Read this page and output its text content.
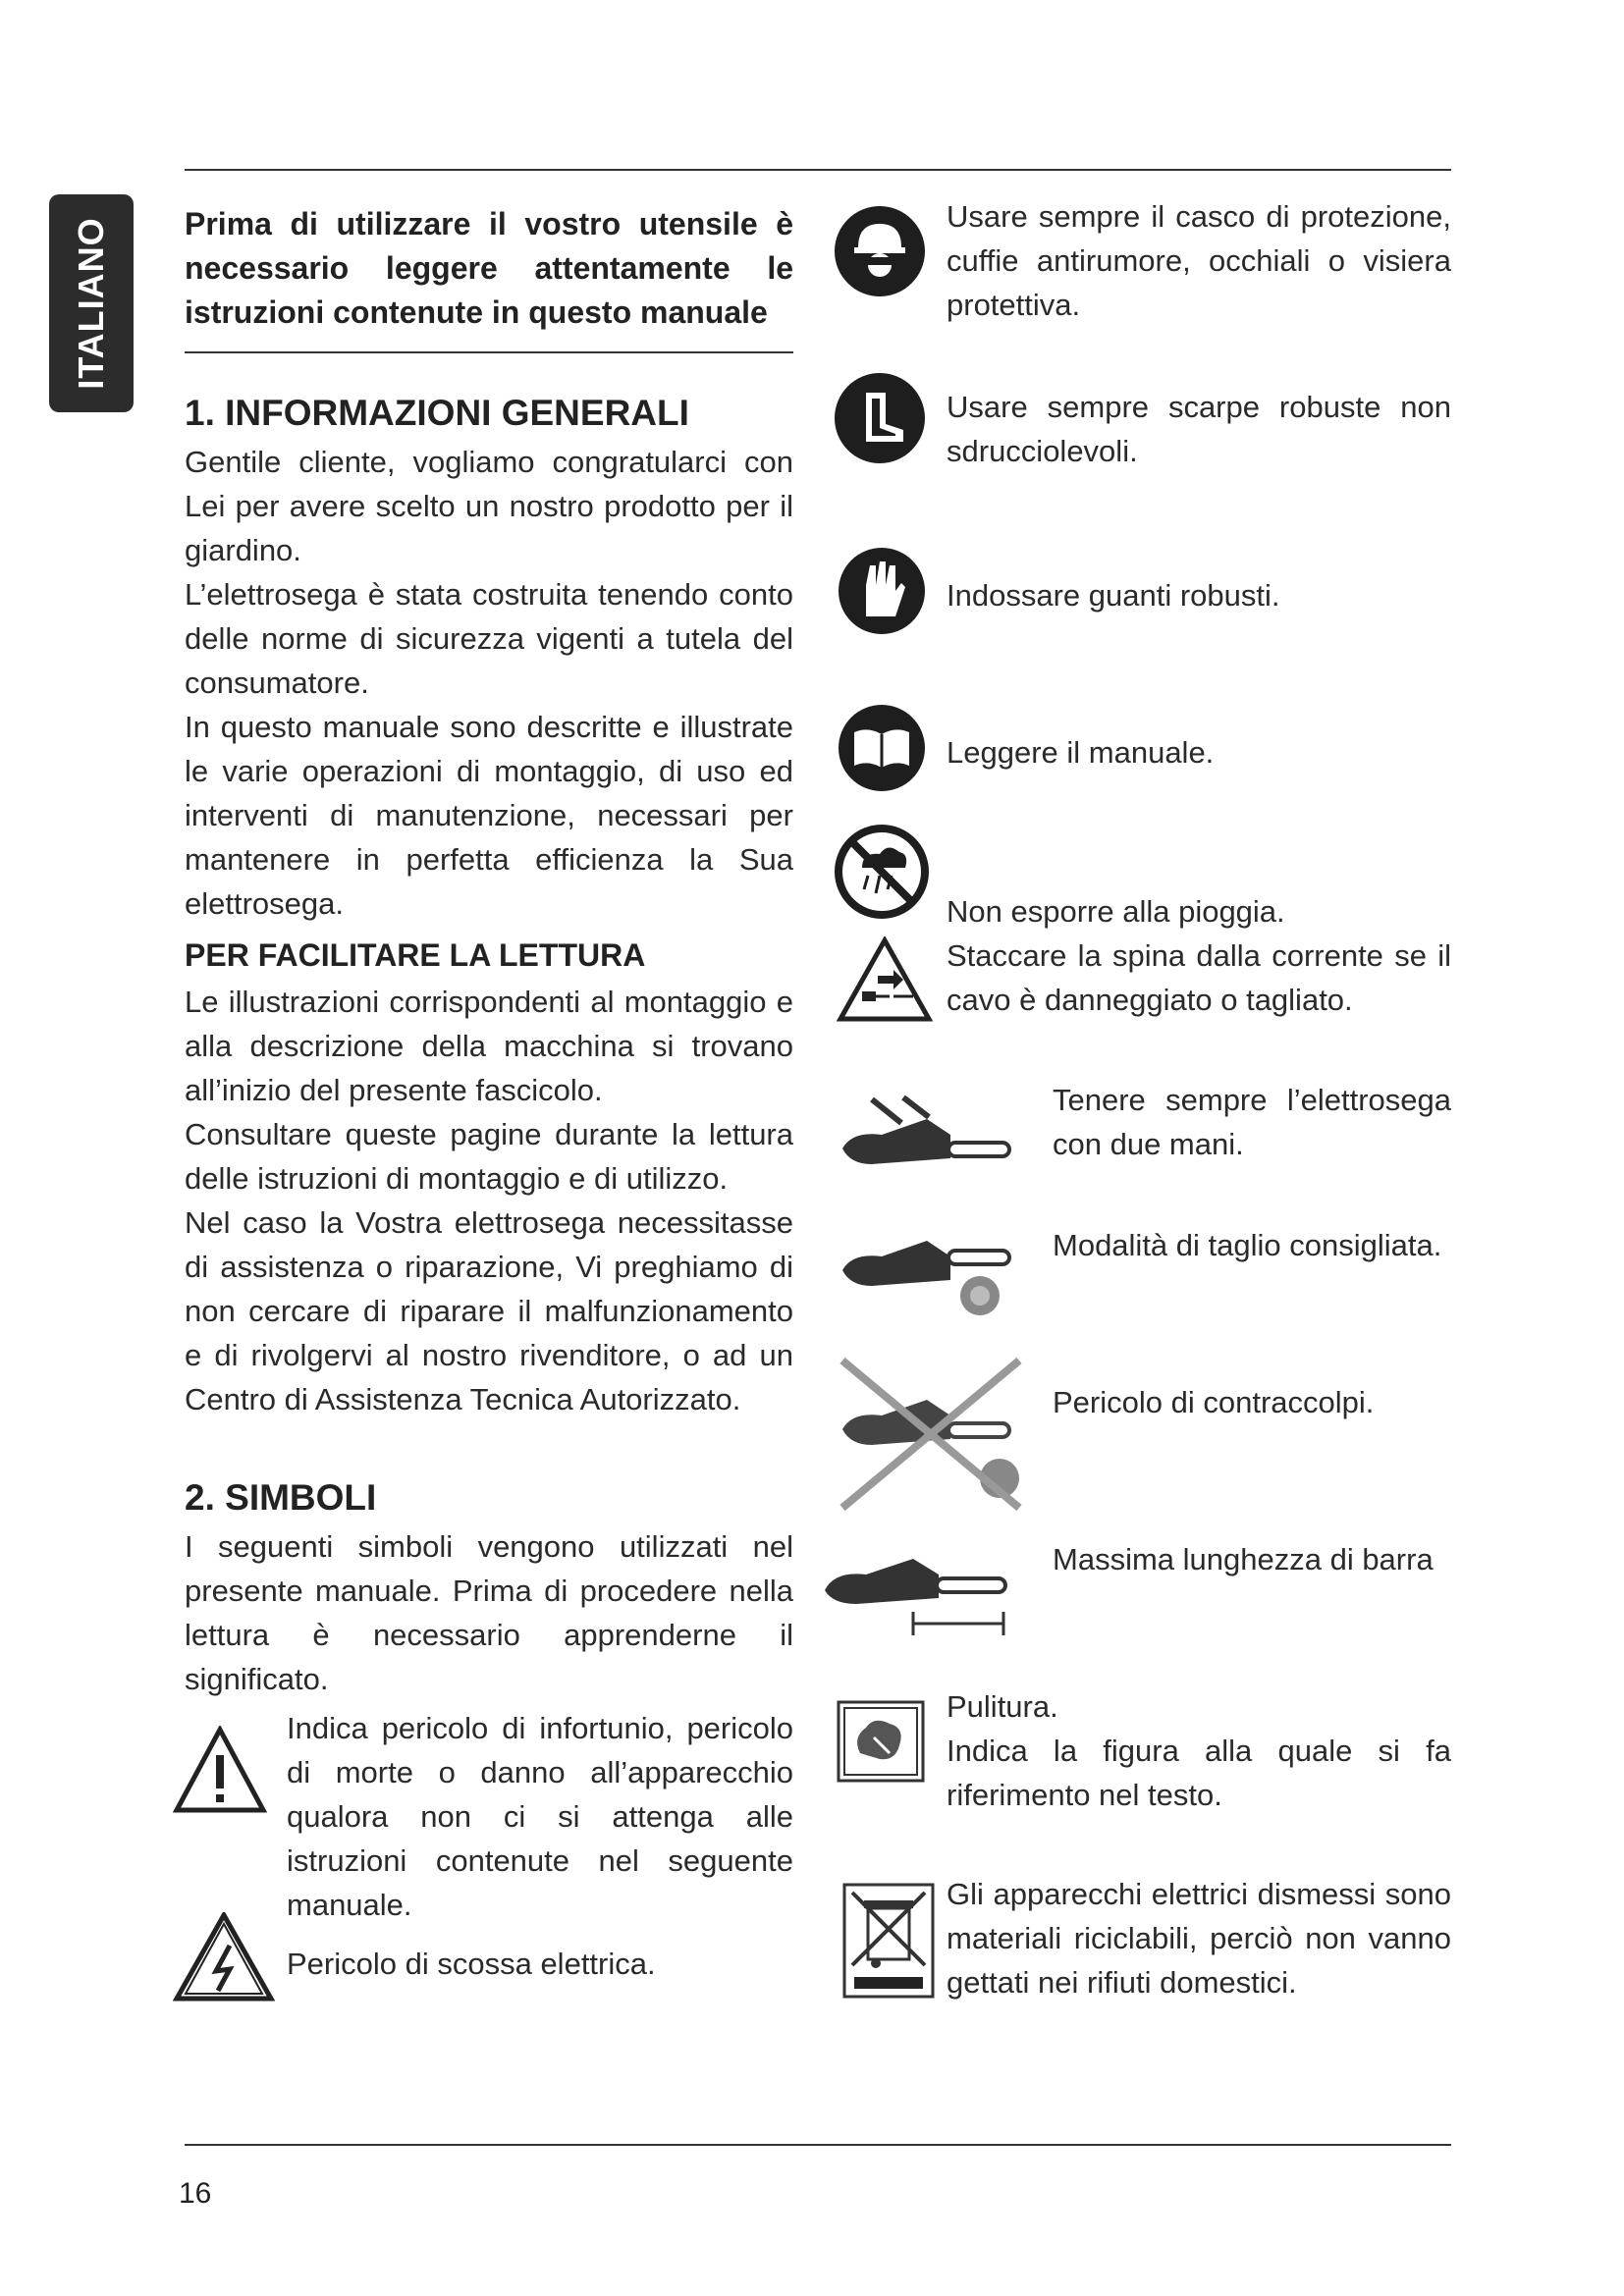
ITALIANO Prima di utilizzare il vostro utensile è necessario leggere attentamente le istruzioni contenute in questo manuale
1. INFORMAZIONI GENERALI
Gentile cliente, vogliamo congratularci con Lei per avere scelto un nostro prodotto per il giardino.
L’elettrosega è stata costruita tenendo conto delle norme di sicurezza vigenti a tutela del consumatore.
In questo manuale sono descritte e illustrate le varie operazioni di montaggio, di uso ed interventi di manutenzione, necessari per mantenere in perfetta efficienza la Sua elettrosega.
PER FACILITARE LA LETTURA
Le illustrazioni corrispondenti al montaggio e alla descrizione della macchina si trovano all’inizio del presente fascicolo.
Consultare queste pagine durante la lettura delle istruzioni di montaggio e di utilizzo.
Nel caso la Vostra elettrosega necessitasse di assistenza o riparazione, Vi preghiamo di non cercare di riparare il malfunzionamento e di rivolgervi al nostro rivenditore, o ad un Centro di Assistenza Tecnica Autorizzato.
2. SIMBOLI
I seguenti simboli vengono utilizzati nel presente manuale. Prima di procedere nella lettura è necessario apprenderne il significato.
Indica pericolo di infortunio, pericolo di morte o danno all’apparecchio qualora non ci si attenga alle istruzioni contenute nel seguente manuale.
Pericolo di scossa elettrica.
Usare sempre il casco di protezione, cuffie antirumore, occhiali o visiera protettiva.
Usare sempre scarpe robuste non sdrucciolevoli.
Indossare guanti robusti.
Leggere il manuale.
Non esporre alla pioggia.
Staccare la spina dalla corrente se il cavo è danneggiato o tagliato.
Tenere sempre l’elettrosega con due mani.
Modalità di taglio consigliata.
Pericolo di contraccolpi.
Massima lunghezza di barra
Pulitura.
Indica la figura alla quale si fa riferimento nel testo.
Gli apparecchi elettrici dismessi sono materiali riciclabili, perciò non vanno gettati nei rifiuti domestici.
16
